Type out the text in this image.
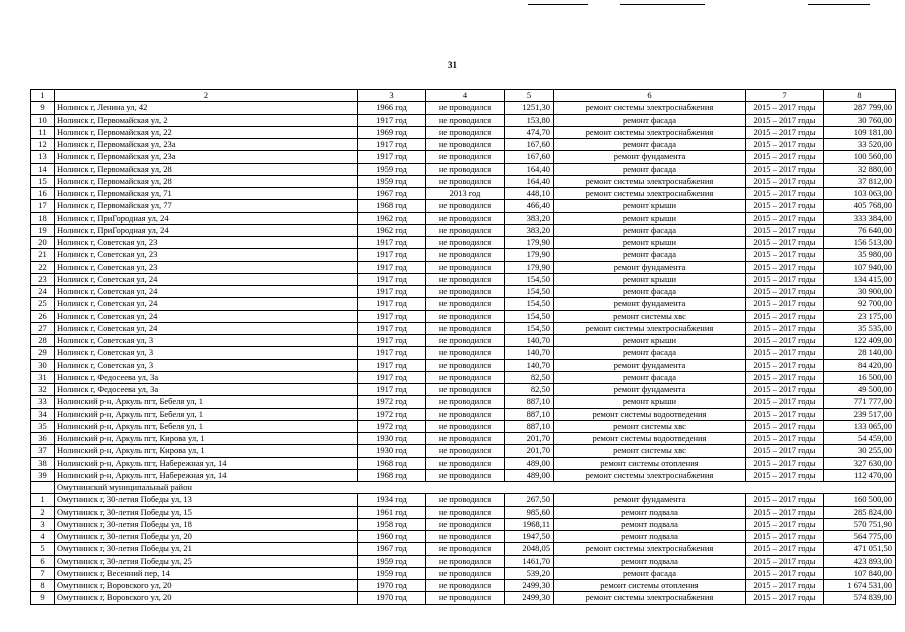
31
1	2	3	4	5	6	7	8
9	Нолинск г, Ленина ул, 42	1966 год	не проводился	1251,30	ремонт системы электроснабжения	2015 – 2017 годы	287 799,00
10	Нолинск г, Первомайская ул, 2	1917 год	не проводился	153,80	ремонт фасада	2015 – 2017 годы	30 760,00
11	Нолинск г, Первомайская ул, 22	1969 год	не проводился	474,70	ремонт системы электроснабжения	2015 – 2017 годы	109 181,00
12	Нолинск г, Первомайская ул, 23а	1917 год	не проводился	167,60	ремонт фасада	2015 – 2017 годы	33 520,00
13	Нолинск г, Первомайская ул, 23а	1917 год	не проводился	167,60	ремонт фундамента	2015 – 2017 годы	100 560,00
14	Нолинск г, Первомайская ул, 28	1959 год	не проводился	164,40	ремонт фасада	2015 – 2017 годы	32 880,00
15	Нолинск г, Первомайская ул, 28	1959 год	не проводился	164,40	ремонт системы электроснабжения	2015 – 2017 годы	37 812,00
16	Нолинск г, Первомайская ул, 71	1967 год	2013 год	448,10	ремонт системы электроснабжения	2015 – 2017 годы	103 063,00
17	Нолинск г, Первомайская ул, 77	1968 год	не проводился	466,40	ремонт крыши	2015 – 2017 годы	405 768,00
18	Нолинск г, ПриГородная ул, 24	1962 год	не проводился	383,20	ремонт крыши	2015 – 2017 годы	333 384,00
19	Нолинск г, ПриГородная ул, 24	1962 год	не проводился	383,20	ремонт фасада	2015 – 2017 годы	76 640,00
20	Нолинск г, Советская ул, 23	1917 год	не проводился	179,90	ремонт крыши	2015 – 2017 годы	156 513,00
21	Нолинск г, Советская ул, 23	1917 год	не проводился	179,90	ремонт фасада	2015 – 2017 годы	35 980,00
22	Нолинск г, Советская ул, 23	1917 год	не проводился	179,90	ремонт фундамента	2015 – 2017 годы	107 940,00
23	Нолинск г, Советская ул, 24	1917 год	не проводился	154,50	ремонт крыши	2015 – 2017 годы	134 415,00
24	Нолинск г, Советская ул, 24	1917 год	не проводился	154,50	ремонт фасада	2015 – 2017 годы	30 900,00
25	Нолинск г, Советская ул, 24	1917 год	не проводился	154,50	ремонт фундамента	2015 – 2017 годы	92 700,00
26	Нолинск г, Советская ул, 24	1917 год	не проводился	154,50	ремонт системы хвс	2015 – 2017 годы	23 175,00
27	Нолинск г, Советская ул, 24	1917 год	не проводился	154,50	ремонт системы электроснабжения	2015 – 2017 годы	35 535,00
28	Нолинск г, Советская ул, 3	1917 год	не проводился	140,70	ремонт крыши	2015 – 2017 годы	122 409,00
29	Нолинск г, Советская ул, 3	1917 год	не проводился	140,70	ремонт фасада	2015 – 2017 годы	28 140,00
30	Нолинск г, Советская ул, 3	1917 год	не проводился	140,70	ремонт фундамента	2015 – 2017 годы	84 420,00
31	Нолинск г, Федосеева ул, 3а	1917 год	не проводился	82,50	ремонт фасада	2015 – 2017 годы	16 500,00
32	Нолинск г, Федосеева ул, 3а	1917 год	не проводился	82,50	ремонт фундамента	2015 – 2017 годы	49 500,00
33	Нолинский р-н, Аркуль пгт, Бебеля ул, 1	1972 год	не проводился	887,10	ремонт крыши	2015 – 2017 годы	771 777,00
34	Нолинский р-н, Аркуль пгт, Бебеля ул, 1	1972 год	не проводился	887,10	ремонт системы водоотведения	2015 – 2017 годы	239 517,00
35	Нолинский р-н, Аркуль пгт, Бебеля ул, 1	1972 год	не проводился	887,10	ремонт системы хвс	2015 – 2017 годы	133 065,00
36	Нолинский р-н, Аркуль пгт, Кирова ул, 1	1930 год	не проводился	201,70	ремонт системы водоотведения	2015 – 2017 годы	54 459,00
37	Нолинский р-н, Аркуль пгт, Кирова ул, 1	1930 год	не проводился	201,70	ремонт системы хвс	2015 – 2017 годы	30 255,00
38	Нолинский р-н, Аркуль пгт, Набережная ул, 14	1968 год	не проводился	489,00	ремонт системы отопления	2015 – 2017 годы	327 630,00
39	Нолинский р-н, Аркуль пгт, Набережная ул, 14	1968 год	не проводился	489,00	ремонт системы электроснабжения	2015 – 2017 годы	112 470,00
	Омутнинский муниципальный район						
1	Омутнинск г, 30-летия Победы ул, 13	1934 год	не проводился	267,50	ремонт фундамента	2015 – 2017 годы	160 500,00
2	Омутнинск г, 30-летия Победы ул, 15	1961 год	не проводился	985,60	ремонт подвала	2015 – 2017 годы	285 824,00
3	Омутнинск г, 30-летия Победы ул, 18	1958 год	не проводился	1968,11	ремонт подвала	2015 – 2017 годы	570 751,90
4	Омутнинск г, 30-летия Победы ул, 20	1960 год	не проводился	1947,50	ремонт подвала	2015 – 2017 годы	564 775,00
5	Омутнинск г, 30-летия Победы ул, 21	1967 год	не проводился	2048,05	ремонт системы электроснабжения	2015 – 2017 годы	471 051,50
6	Омутнинск г, 30-летия Победы ул, 25	1959 год	не проводился	1461,70	ремонт подвала	2015 – 2017 годы	423 893,00
7	Омутнинск г, Весенний пер, 14	1959 год	не проводился	539,20	ремонт фасада	2015 – 2017 годы	107 840,00
8	Омутнинск г, Воровского ул, 20	1970 год	не проводился	2499,30	ремонт системы отопления	2015 – 2017 годы	1 674 531,00
9	Омутнинск г, Воровского ул, 20	1970 год	не проводился	2499,30	ремонт системы электроснабжения	2015 – 2017 годы	574 839,00
